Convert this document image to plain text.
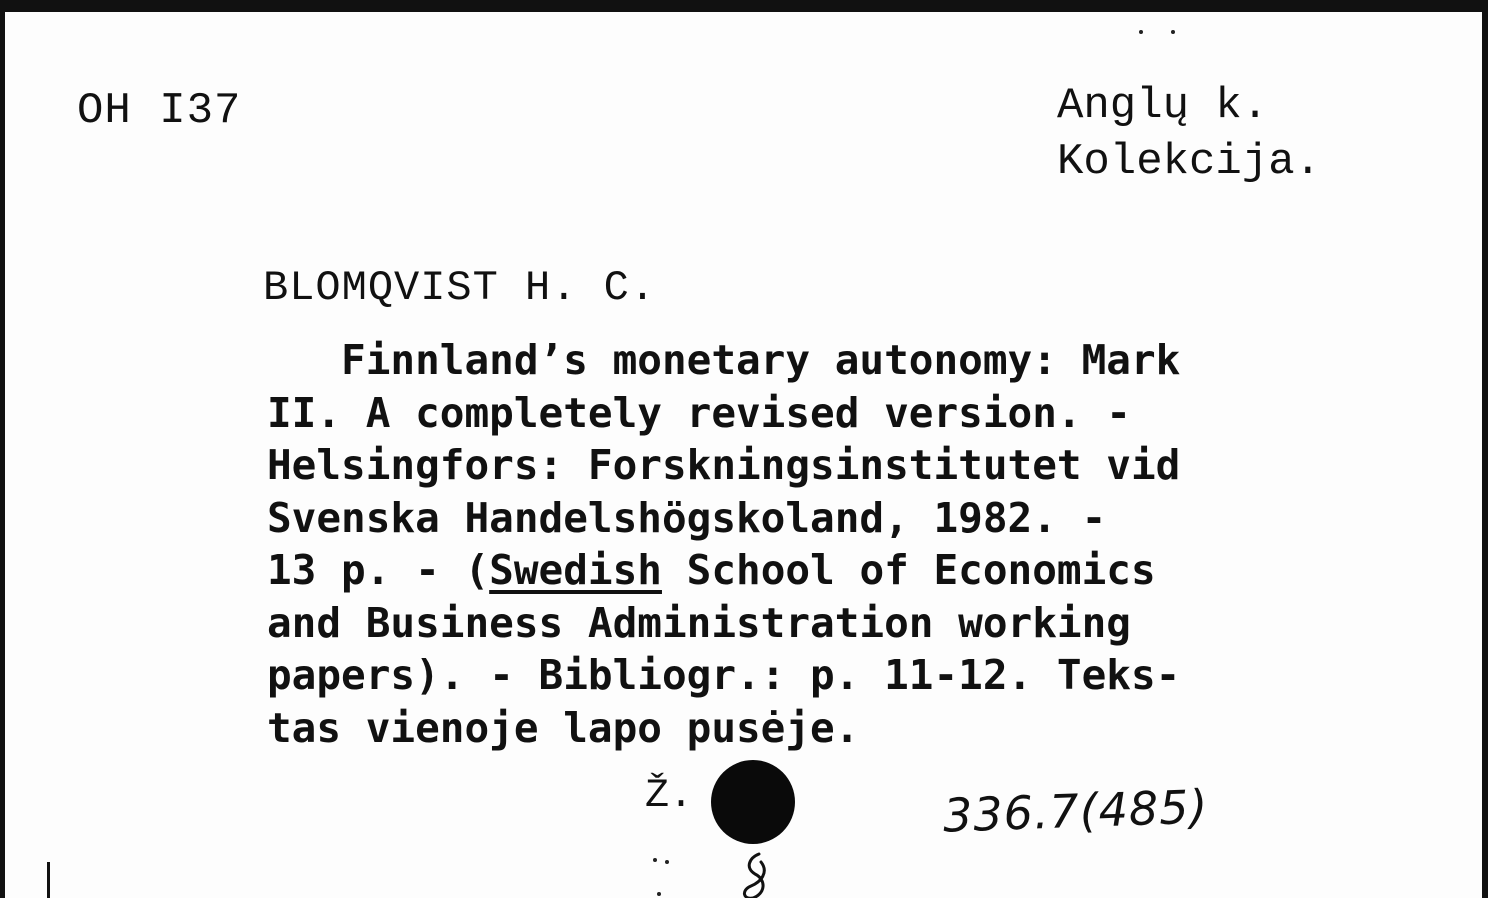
OH I37	Anglų k.
Kolekcija.
BLOMQVIST H. C.
Finnland’s monetary autonomy: Mark
II. A completely revised version. -
Helsingfors: Forskningsinstitutet vid
Svenska Handelshögskoland, 1982. -
13 p. - (Swedish School of Economics
and Business Administration working
papers). - Bibliogr.: p. 11-12. Teks-
tas vienoje lapo pusėje.
Ž.	336.7(485)
